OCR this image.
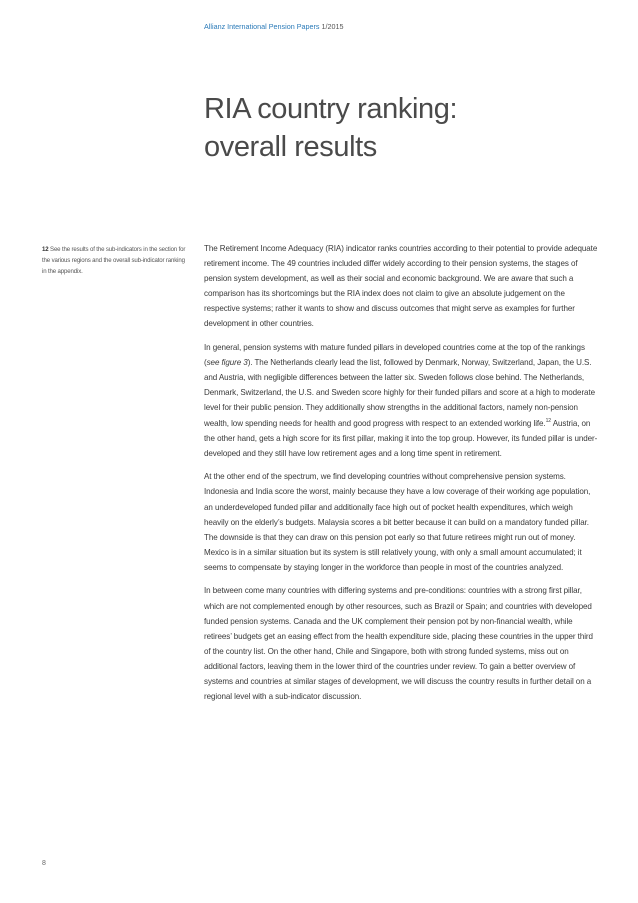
Allianz International Pension Papers 1/2015
RIA country ranking:
overall results
12 See the results of the sub-indicators in the section for the various regions and the overall sub-indicator ranking in the appendix.

The Retirement Income Adequacy (RIA) indicator ranks countries according to their potential to provide adequate retirement income. The 49 countries included differ widely according to their pension systems, the stages of pension system development, as well as their social and economic background. We are aware that such a comparison has its shortcomings but the RIA index does not claim to give an absolute judgement on the respective systems; rather it wants to show and discuss outcomes that might serve as examples for further development in other countries.

In general, pension systems with mature funded pillars in developed countries come at the top of the rankings (see figure 3). The Netherlands clearly lead the list, followed by Denmark, Norway, Switzerland, Japan, the U.S. and Austria, with negligible differences between the latter six. Sweden follows close behind. The Netherlands, Denmark, Switzerland, the U.S. and Sweden score highly for their funded pillars and score at a high to moderate level for their public pension. They additionally show strengths in the additional factors, namely non-pension wealth, low spending needs for health and good progress with respect to an extended working life.$^{12}$ Austria, on the other hand, gets a high score for its first pillar, making it into the top group. However, its funded pillar is under-developed and they still have low retirement ages and a long time spent in retirement.

At the other end of the spectrum, we find developing countries without comprehensive pension systems. Indonesia and India score the worst, mainly because they have a low coverage of their working age population, an underdeveloped funded pillar and additionally face high out of pocket health expenditures, which weigh heavily on the elderly’s budgets. Malaysia scores a bit better because it can build on a mandatory funded pillar. The downside is that they can draw on this pension pot early so that future retirees might run out of money. Mexico is in a similar situation but its system is still relatively young, with only a small amount accumulated; it seems to compensate by staying longer in the workforce than people in most of the countries analyzed.

In between come many countries with differing systems and pre-conditions: countries with a strong first pillar, which are not complemented enough by other resources, such as Brazil or Spain; and countries with developed funded pension systems. Canada and the UK complement their pension pot by non-financial wealth, while retirees’ budgets get an easing effect from the health expenditure side, placing these countries in the upper third of the country list. On the other hand, Chile and Singapore, both with strong funded systems, miss out on additional factors, leaving them in the lower third of the countries under review. To gain a better overview of systems and countries at similar stages of development, we will discuss the country results in further detail on a regional level with a sub-indicator discussion.

8
